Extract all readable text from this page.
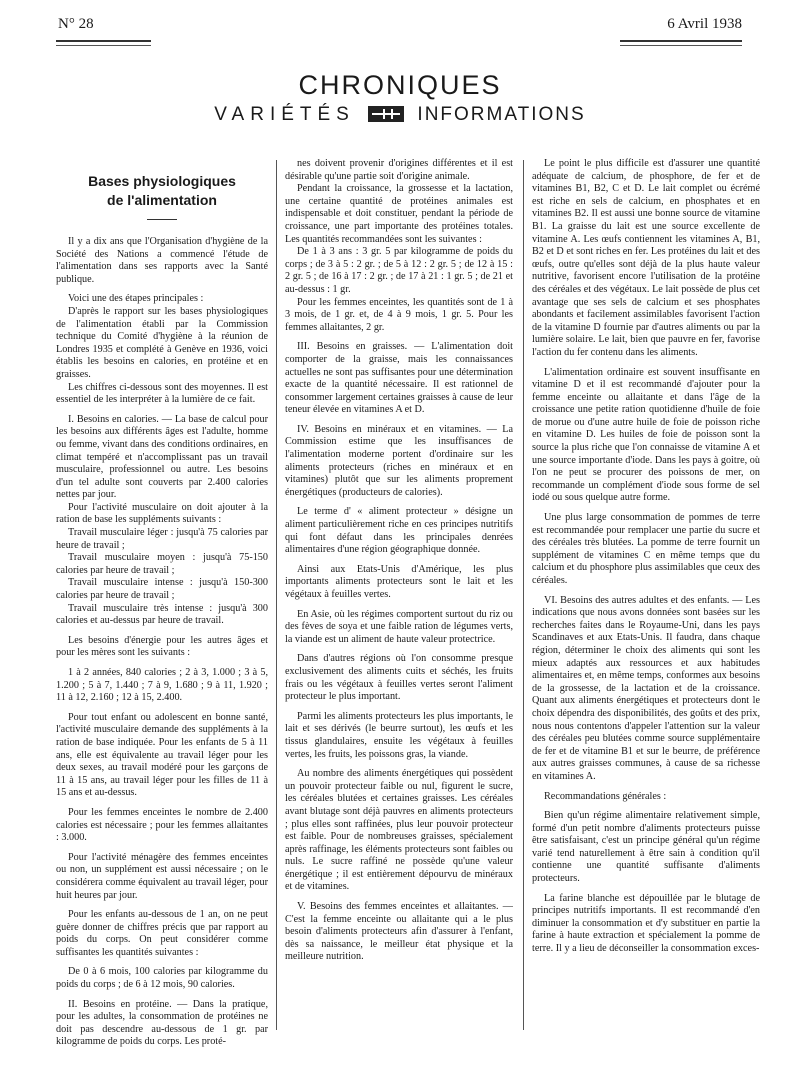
N° 28	6 Avril 1938
CHRONIQUES
VARIÉTÉS	INFORMATIONS
Bases physiologiques
de l'alimentation

Il y a dix ans que l'Organisation d'hygiène de la Société des Nations a commencé l'étude de l'alimentation dans ses rapports avec la Santé publique.

Voici une des étapes principales :

D'après le rapport sur les bases physiologiques de l'alimentation établi par la Commission technique du Comité d'hygiène à la réunion de Londres 1935 et complété à Genève en 1936, voici établis les besoins en calories, en protéine et en graisses.

Les chiffres ci-dessous sont des moyennes. Il est essentiel de les interpréter à la lumière de ce fait.

I. Besoins en calories. — La base de calcul pour les besoins aux différents âges est l'adulte, homme ou femme, vivant dans des conditions ordinaires, en climat tempéré et n'accomplissant pas un travail musculaire, professionnel ou autre. Les besoins d'un tel adulte sont couverts par 2.400 calories nettes par jour.

Pour l'activité musculaire on doit ajouter à la ration de base les suppléments suivants :

Travail musculaire léger : jusqu'à 75 calories par heure de travail ;

Travail musculaire moyen : jusqu'à 75-150 calories par heure de travail ;

Travail musculaire intense : jusqu'à 150-300 calories par heure de travail ;

Travail musculaire très intense : jusqu'à 300 calories et au-dessus par heure de travail.

Les besoins d'énergie pour les autres âges et pour les mères sont les suivants :

1 à 2 années, 840 calories ; 2 à 3, 1.000 ; 3 à 5, 1.200 ; 5 à 7, 1.440 ; 7 à 9, 1.680 ; 9 à 11, 1.920 ; 11 à 12, 2.160 ; 12 à 15, 2.400.

Pour tout enfant ou adolescent en bonne santé, l'activité musculaire demande des suppléments à la ration de base indiquée. Pour les enfants de 5 à 11 ans, elle est équivalente au travail léger pour les deux sexes, au travail modéré pour les garçons de 11 à 15 ans, au travail léger pour les filles de 11 à 15 ans et au-dessus.

Pour les femmes enceintes le nombre de 2.400 calories est nécessaire ; pour les femmes allaitantes : 3.000.

Pour l'activité ménagère des femmes enceintes ou non, un supplément est aussi nécessaire ; on le considérera comme équivalent au travail léger, pour huit heures par jour.

Pour les enfants au-dessous de 1 an, on ne peut guère donner de chiffres précis que par rapport au poids du corps. On peut considérer comme suffisantes les quantités suivantes :

De 0 à 6 mois, 100 calories par kilogramme du poids du corps ; de 6 à 12 mois, 90 calories.

II. Besoins en protéine. — Dans la pratique, pour les adultes, la consommation de protéines ne doit pas descendre au-dessous de 1 gr. par kilogramme de poids du corps. Les proté-

nes doivent provenir d'origines différentes et il est désirable qu'une partie soit d'origine animale.

Pendant la croissance, la grossesse et la lactation, une certaine quantité de protéines animales est indispensable et doit constituer, pendant la période de croissance, une part importante des protéines totales. Les quantités recommandées sont les suivantes :

De 1 à 3 ans : 3 gr. 5 par kilogramme de poids du corps ; de 3 à 5 : 2 gr. ; de 5 à 12 : 2 gr. 5 ; de 12 à 15 : 2 gr. 5 ; de 16 à 17 : 2 gr. ; de 17 à 21 : 1 gr. 5 ; de 21 et au-dessus : 1 gr.

Pour les femmes enceintes, les quantités sont de 1 à 3 mois, de 1 gr. et, de 4 à 9 mois, 1 gr. 5. Pour les femmes allaitantes, 2 gr.

III. Besoins en graisses. — L'alimentation doit comporter de la graisse, mais les connaissances actuelles ne sont pas suffisantes pour une détermination exacte de la quantité nécessaire. Il est rationnel de consommer largement certaines graisses à cause de leur teneur élevée en vitamines A et D.

IV. Besoins en minéraux et en vitamines. — La Commission estime que les insuffisances de l'alimentation moderne portent d'ordinaire sur les aliments protecteurs (riches en minéraux et en vitamines) plutôt que sur les aliments proprement énergétiques (producteurs de calories).

Le terme d' « aliment protecteur » désigne un aliment particulièrement riche en ces principes nutritifs qui font défaut dans les principales denrées alimentaires d'une région géographique donnée.

Ainsi aux Etats-Unis d'Amérique, les plus importants aliments protecteurs sont le lait et les végétaux à feuilles vertes.

En Asie, où les régimes comportent surtout du riz ou des fèves de soya et une faible ration de légumes verts, la viande est un aliment de haute valeur protectrice.

Dans d'autres régions où l'on consomme presque exclusivement des aliments cuits et séchés, les fruits frais ou les végétaux à feuilles vertes seront l'aliment protecteur le plus important.

Parmi les aliments protecteurs les plus importants, le lait et ses dérivés (le beurre surtout), les œufs et les tissus glandulaires, ensuite les végétaux à feuilles vertes, les fruits, les poissons gras, la viande.

Au nombre des aliments énergétiques qui possèdent un pouvoir protecteur faible ou nul, figurent le sucre, les céréales blutées et certaines graisses. Les céréales avant blutage sont déjà pauvres en aliments protecteurs ; plus elles sont raffinées, plus leur pouvoir protecteur est faible. Pour de nombreuses graisses, spécialement après raffinage, les éléments protecteurs sont faibles ou nuls. Le sucre raffiné ne possède qu'une valeur énergétique ; il est entièrement dépourvu de minéraux et de vitamines.

V. Besoins des femmes enceintes et allaitantes. — C'est la femme enceinte ou allaitante qui a le plus besoin d'aliments protecteurs afin d'assurer à l'enfant, dès sa naissance, le meilleur état physique et la meilleure nutrition.

Le point le plus difficile est d'assurer une quantité adéquate de calcium, de phosphore, de fer et de vitamines B1, B2, C et D. Le lait complet ou écrémé est riche en sels de calcium, en phosphates et en vitamines B2. Il est aussi une bonne source de vitamine B1. La graisse du lait est une source excellente de vitamine A. Les œufs contiennent les vitamines A, B1, B2 et D et sont riches en fer. Les protéines du lait et des œufs, outre qu'elles sont déjà de la plus haute valeur nutritive, favorisent encore l'utilisation de la protéine des céréales et des végétaux. Le lait possède de plus cet avantage que ses sels de calcium et ses phosphates abondants et facilement assimilables favorisent l'action de la vitamine D fournie par d'autres aliments ou par la lumière solaire. Le lait, bien que pauvre en fer, favorise l'action du fer contenu dans les aliments.

L'alimentation ordinaire est souvent insuffisante en vitamine D et il est recommandé d'ajouter pour la femme enceinte ou allaitante et dans l'âge de la croissance une petite ration quotidienne d'huile de foie de morue ou d'une autre huile de foie de poisson riche en vitamine D. Les huiles de foie de poisson sont la source la plus riche que l'on connaisse de vitamine A et une source importante d'iode. Dans les pays à goitre, où l'on ne peut se procurer des poissons de mer, on recommande un complément d'iode sous forme de sel iodé ou sous quelque autre forme.

Une plus large consommation de pommes de terre est recommandée pour remplacer une partie du sucre et des céréales très blutées. La pomme de terre fournit un supplément de vitamines C en même temps que du calcium et du phosphore plus assimilables que ceux des céréales.

VI. Besoins des autres adultes et des enfants. — Les indications que nous avons données sont basées sur les recherches faites dans le Royaume-Uni, dans les pays Scandinaves et aux Etats-Unis. Il faudra, dans chaque région, déterminer le choix des aliments qui sont les mieux adaptés aux ressources et aux habitudes alimentaires et, en même temps, conformes aux besoins de la grossesse, de la lactation et de la croissance. Quant aux aliments énergétiques et protecteurs dont le choix dépendra des disponibilités, des goûts et des prix, nous nous contentons d'appeler l'attention sur la valeur des céréales peu blutées comme source supplémentaire de fer et de vitamine B1 et sur le beurre, de préférence aux autres graisses communes, à cause de sa richesse en vitamines A.

Recommandations générales :

Bien qu'un régime alimentaire relativement simple, formé d'un petit nombre d'aliments protecteurs puisse être satisfaisant, c'est un principe général qu'un régime varié tend naturellement à être sain à condition qu'il contienne une quantité suffisante d'aliments protecteurs.

La farine blanche est dépouillée par le blutage de principes nutritifs importants. Il est recommandé d'en diminuer la consommation et d'y substituer en partie la farine à haute extraction et spécialement la pomme de terre. Il y a lieu de déconseiller la consommation exces-
